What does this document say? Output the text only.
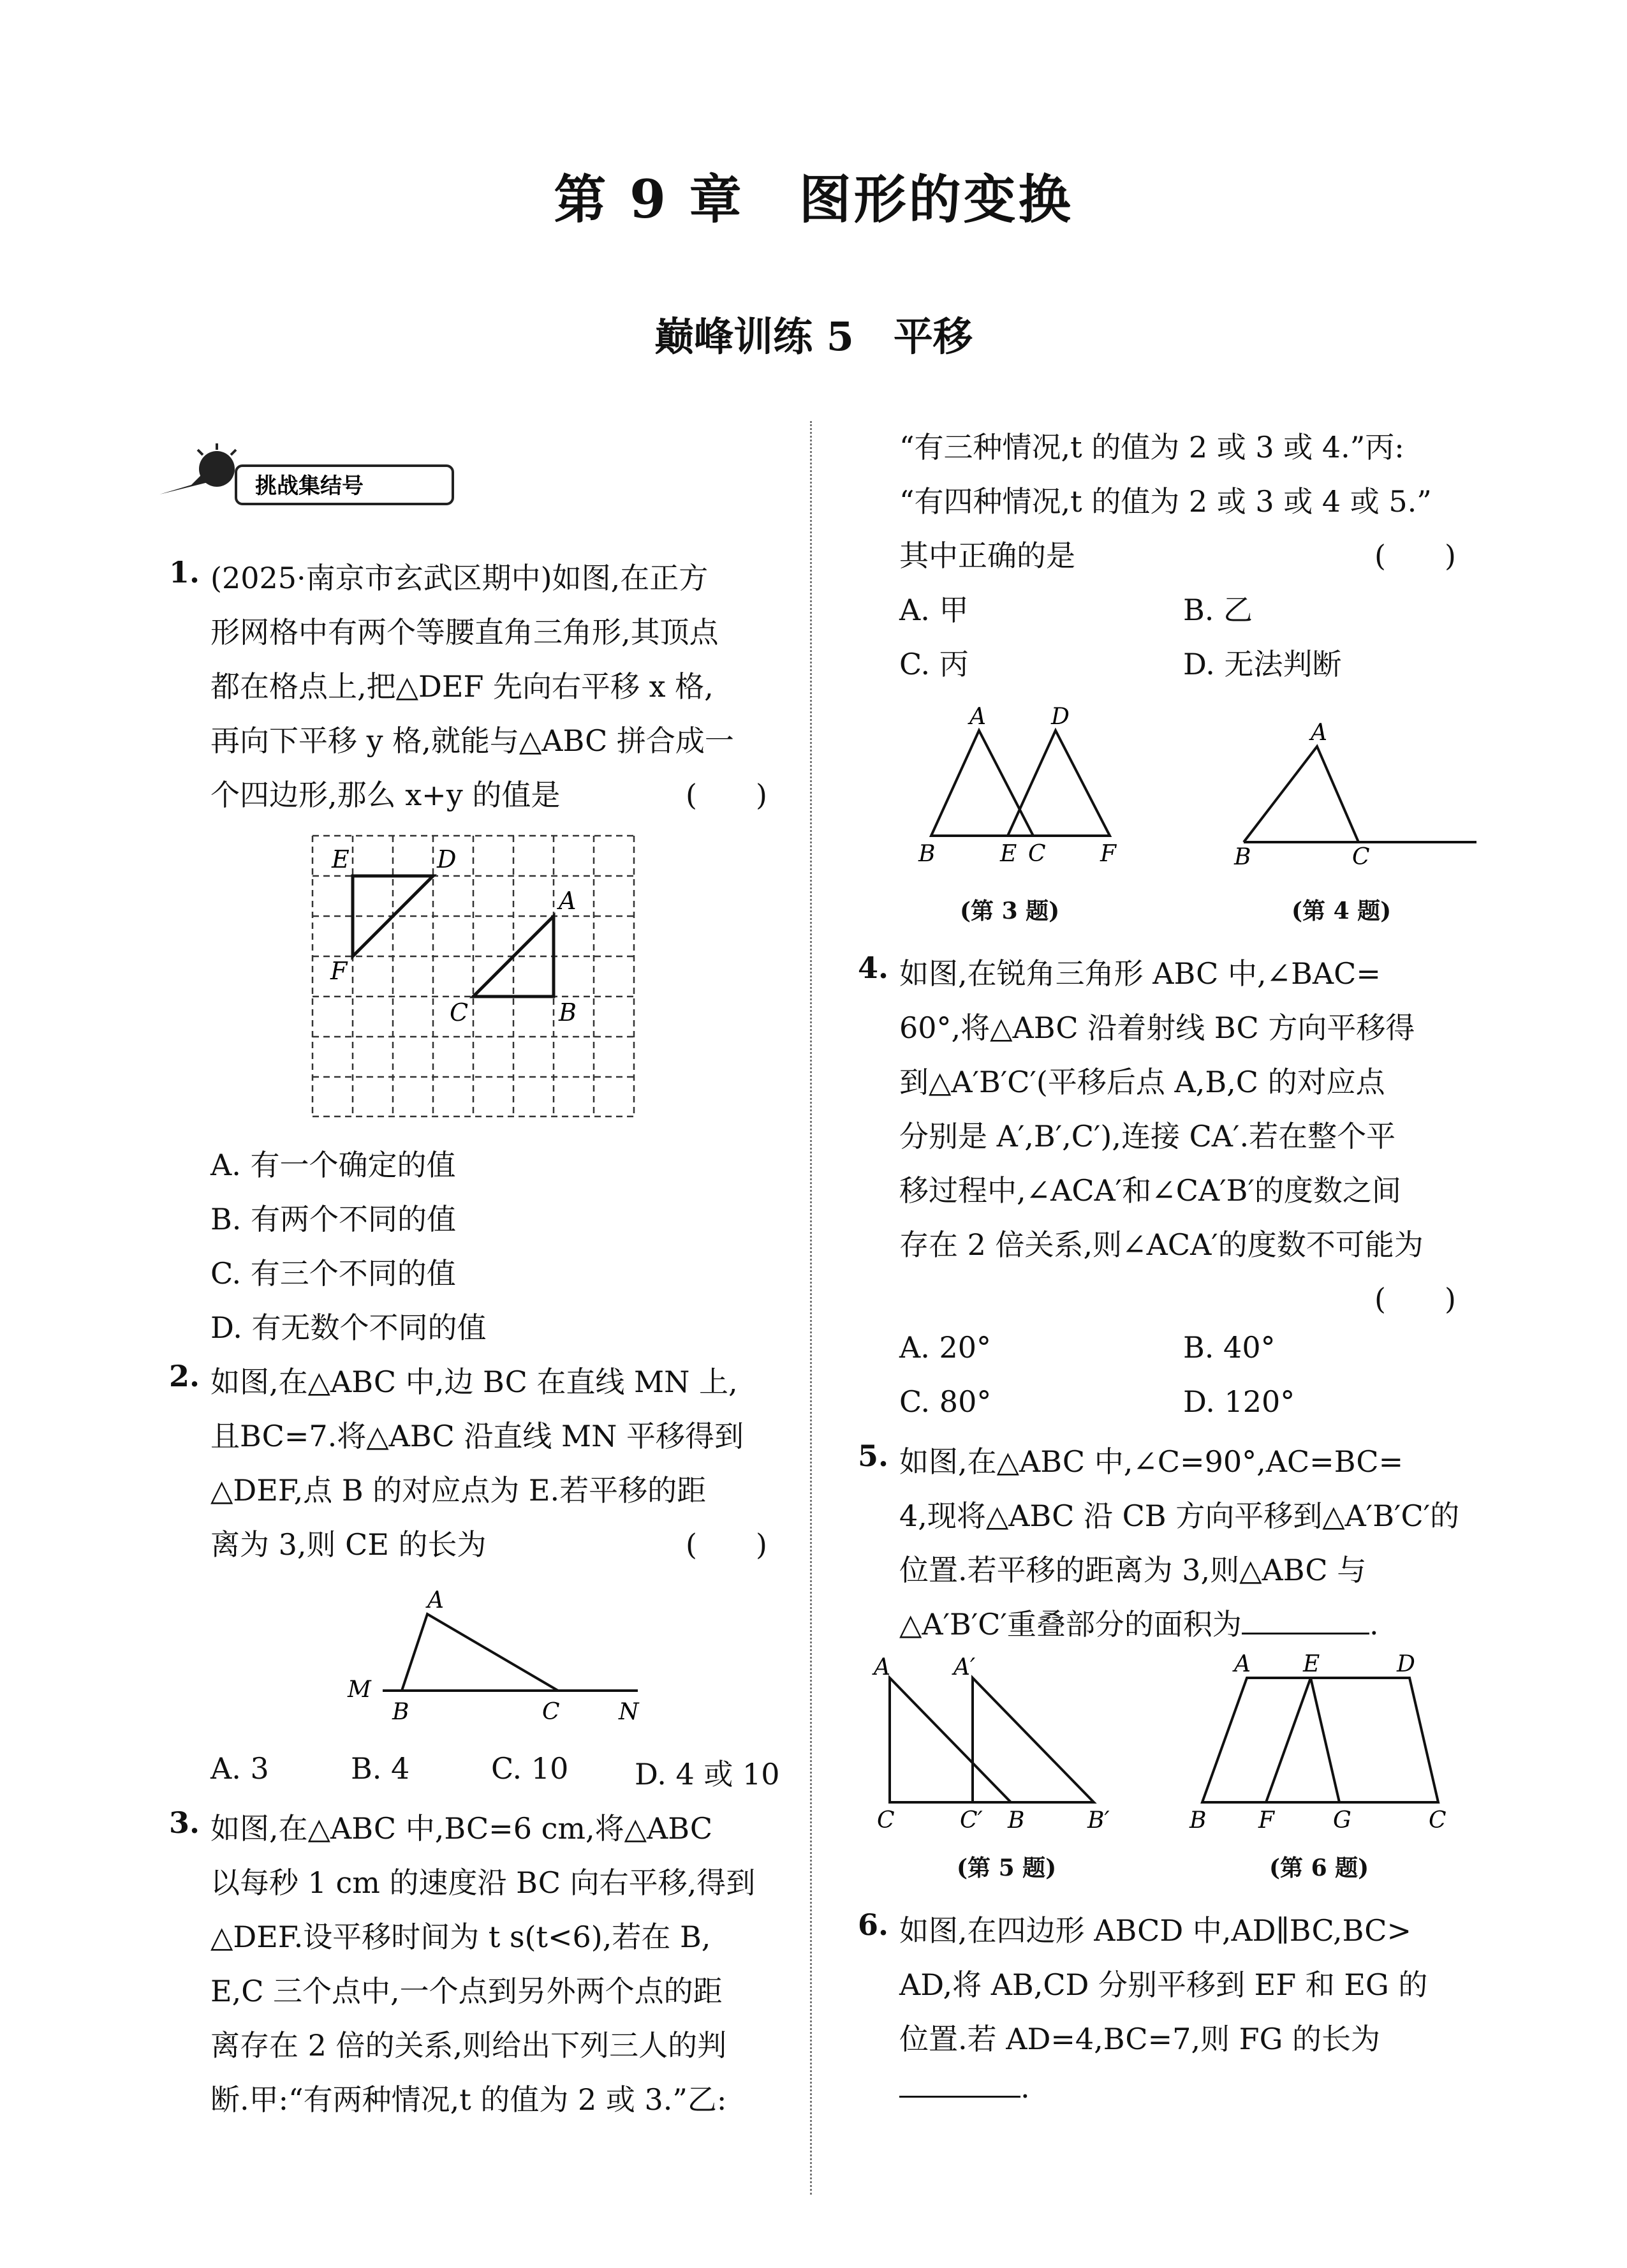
第 9 章　图形的变换
巅峰训练 5　平移
挑战集结号
1. (2025·南京市玄武区期中)如图,在正方
形网格中有两个等腰直角三角形,其顶点
都在格点上,把△DEF 先向右平移 x 格,
再向下平移 y 格,就能与△ABC 拼合成一
个四边形,那么 x+y 的值是	(　　)
E	D
F
A
C	B
A. 有一个确定的值
B. 有两个不同的值
C. 有三个不同的值
D. 有无数个不同的值
2. 如图,在△ABC 中,边 BC 在直线 MN 上,
且BC=7.将△ABC 沿直线 MN 平移得到
△DEF,点 B 的对应点为 E.若平移的距
离为 3,则 CE 的长为	(　　)
A
M
B	C	N
A. 3	B. 4	C. 10 D. 4 或 10
3. 如图,在△ABC 中,BC=6 cm,将△ABC
以每秒 1 cm 的速度沿 BC 向右平移,得到
△DEF.设平移时间为 t s(t<6),若在 B,
E,C 三个点中,一个点到另外两个点的距
离存在 2 倍的关系,则给出下列三人的判
断.甲:“有两种情况,t 的值为 2 或 3.”乙:
“有三种情况,t 的值为 2 或 3 或 4.”丙:
“有四种情况,t 的值为 2 或 3 或 4 或 5.”
其中正确的是	(　　)
A. 甲	B. 乙
C. 丙	D. 无法判断
A	D
B	E C F
(第 3 题)
A
B	C
(第 4 题)
4. 如图,在锐角三角形 ABC 中,∠BAC=
60°,将△ABC 沿着射线 BC 方向平移得
到△A′B′C′(平移后点 A,B,C 的对应点
分别是 A′,B′,C′),连接 CA′.若在整个平
移过程中,∠ACA′和∠CA′B′的度数之间
存在 2 倍关系,则∠ACA′的度数不可能为
(　　)
A. 20°	B. 40°
C. 80°	D. 120°
5. 如图,在△ABC 中,∠C=90°,AC=BC=
4,现将△ABC 沿 CB 方向平移到△A′B′C′的
位置.若平移的距离为 3,则△ABC 与
△A′B′C′重叠部分的面积为	.
A	A′
C	C′ B	B′
(第 5 题)
A E	D
B F	G	C
(第 6 题)
6. 如图,在四边形 ABCD 中,AD∥BC,BC>
AD,将 AB,CD 分别平移到 EF 和 EG 的
位置.若 AD=4,BC=7,则 FG 的长为
.
